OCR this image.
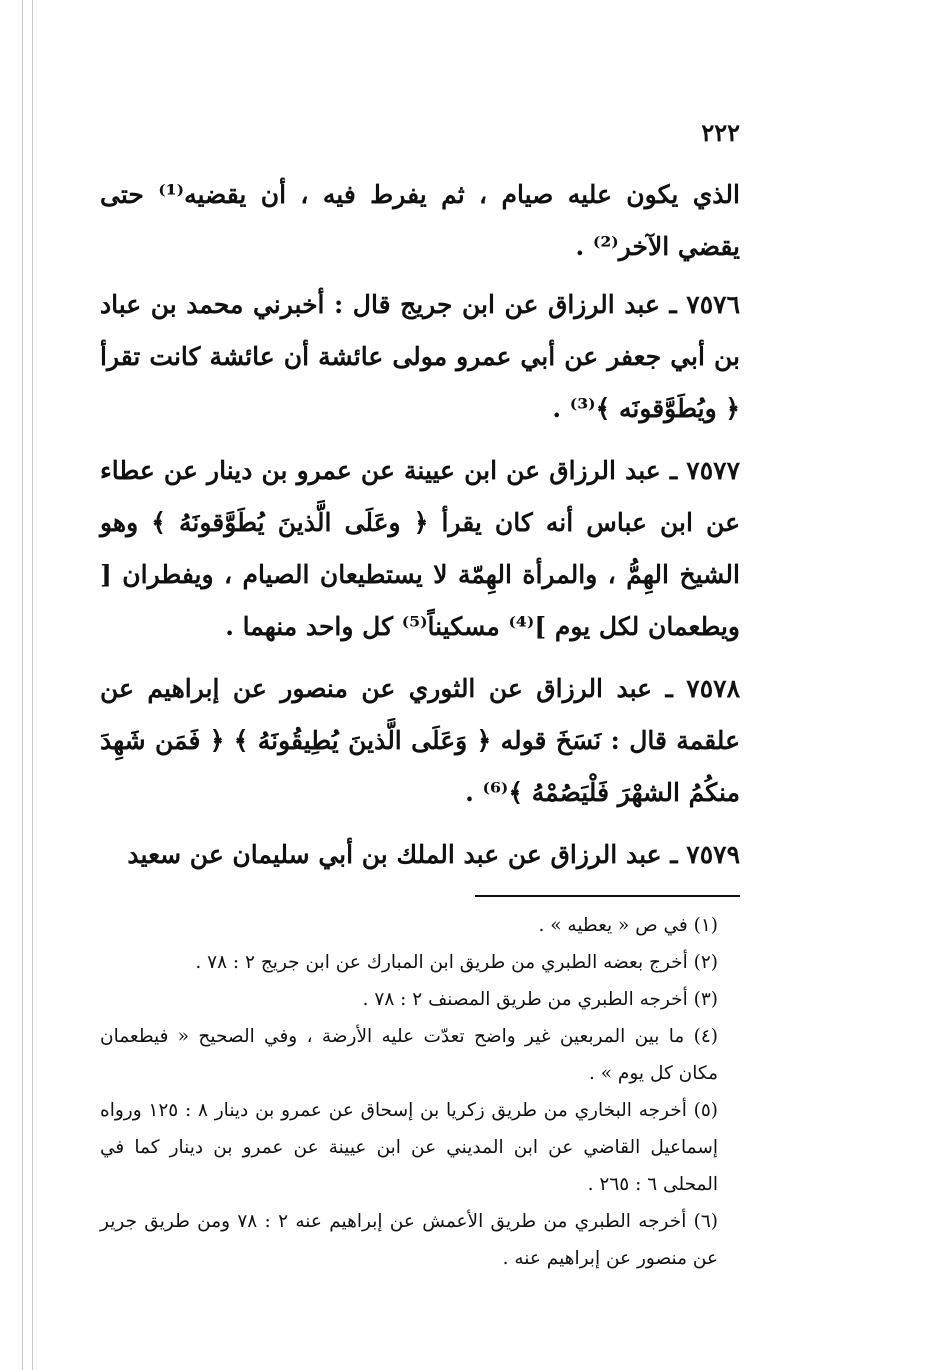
٢٢٢

الذي يكون عليه صيام ، ثم يفرط فيه ، أن يقضيه⁽¹⁾ حتى يقضي الآخر⁽²⁾ .

٧٥٧٦ ـ عبد الرزاق عن ابن جريج قال : أخبرني محمد بن عباد بن أبي جعفر عن أبي عمرو مولى عائشة أن عائشة كانت تقرأ ﴿ ويُطَوَّقونَه ﴾⁽³⁾ .

٧٥٧٧ ـ عبد الرزاق عن ابن عيينة عن عمرو بن دينار عن عطاء عن ابن عباس أنه كان يقرأ ﴿ وعَلَى الَّذينَ يُطَوَّقونَهُ ﴾ وهو الشيخ الهِمُّ ، والمرأة الهِمّة لا يستطيعان الصيام ، ويفطران [ ويطعمان لكل يوم ]⁽⁴⁾ مسكيناً⁽⁵⁾ كل واحد منهما .

٧٥٧٨ ـ عبد الرزاق عن الثوري عن منصور عن إبراهيم عن علقمة قال : نَسَخَ قوله ﴿ وَعَلَى الَّذينَ يُطِيقُونَهُ ﴾ ﴿ فَمَن شَهِدَ منكُمُ الشهْرَ فَلْيَصُمْهُ ﴾⁽⁶⁾ .

٧٥٧٩ ـ عبد الرزاق عن عبد الملك بن أبي سليمان عن سعيد

(١) في ص « يعطيه » .

(٢) أخرج بعضه الطبري من طريق ابن المبارك عن ابن جريج ٢ : ٧٨ .

(٣) أخرجه الطبري من طريق المصنف ٢ : ٧٨ .

(٤) ما بين المربعين غير واضح تعدّت عليه الأرضة ، وفي الصحيح « فيطعمان مكان كل يوم » .

(٥) أخرجه البخاري من طريق زكريا بن إسحاق عن عمرو بن دينار ٨ : ١٢٥ ورواه إسماعيل القاضي عن ابن المديني عن ابن عيينة عن عمرو بن دينار كما في المحلى ٦ : ٢٦٥ .

(٦) أخرجه الطبري من طريق الأعمش عن إبراهيم عنه ٢ : ٧٨ ومن طريق جرير عن منصور عن إبراهيم عنه .
